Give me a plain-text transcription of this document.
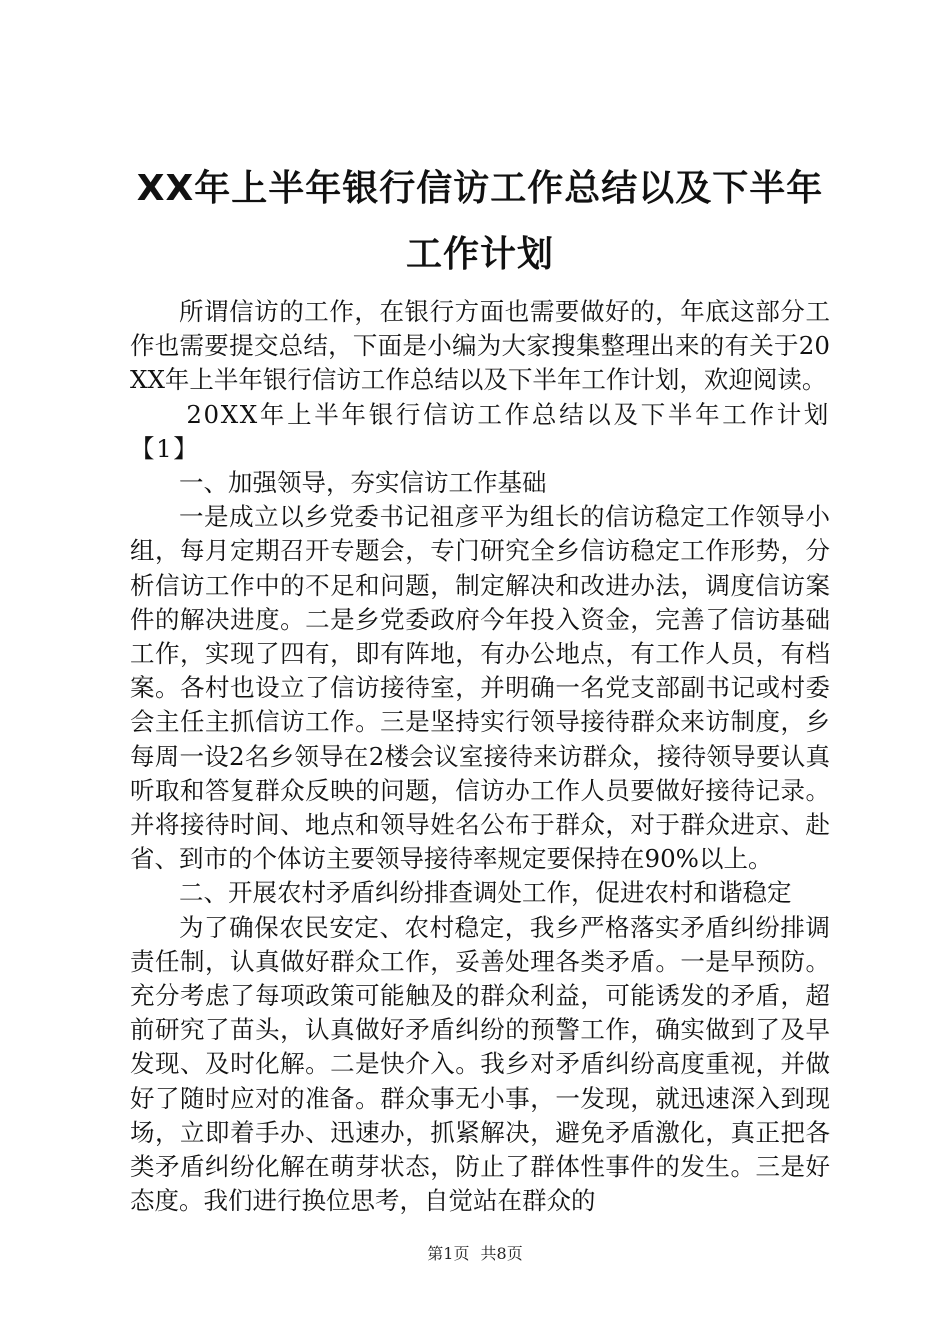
XX年上半年银行信访工作总结以及下半年工作计划

所谓信访的工作，在银行方面也需要做好的，年底这部分工作也需要提交总结，下面是小编为大家搜集整理出来的有关于20XX年上半年银行信访工作总结以及下半年工作计划，欢迎阅读。

20XX年上半年银行信访工作总结以及下半年工作计划【1】

一、加强领导，夯实信访工作基础

一是成立以乡党委书记祖彦平为组长的信访稳定工作领导小组，每月定期召开专题会，专门研究全乡信访稳定工作形势，分析信访工作中的不足和问题，制定解决和改进办法，调度信访案件的解决进度。二是乡党委政府今年投入资金，完善了信访基础工作，实现了四有，即有阵地，有办公地点，有工作人员，有档案。各村也设立了信访接待室，并明确一名党支部副书记或村委会主任主抓信访工作。三是坚持实行领导接待群众来访制度，乡每周一设2名乡领导在2楼会议室接待来访群众，接待领导要认真听取和答复群众反映的问题，信访办工作人员要做好接待记录。并将接待时间、地点和领导姓名公布于群众，对于群众进京、赴省、到市的个体访主要领导接待率规定要保持在90%以上。

二、开展农村矛盾纠纷排查调处工作，促进农村和谐稳定

为了确保农民安定、农村稳定，我乡严格落实矛盾纠纷排调责任制，认真做好群众工作，妥善处理各类矛盾。一是早预防。充分考虑了每项政策可能触及的群众利益，可能诱发的矛盾，超前研究了苗头，认真做好矛盾纠纷的预警工作，确实做到了及早发现、及时化解。二是快介入。我乡对矛盾纠纷高度重视，并做好了随时应对的准备。群众事无小事，一发现，就迅速深入到现场，立即着手办、迅速办，抓紧解决，避免矛盾激化，真正把各类矛盾纠纷化解在萌芽状态，防止了群体性事件的发生。三是好态度。我们进行换位思考，自觉站在群众的

第1页 共8页
